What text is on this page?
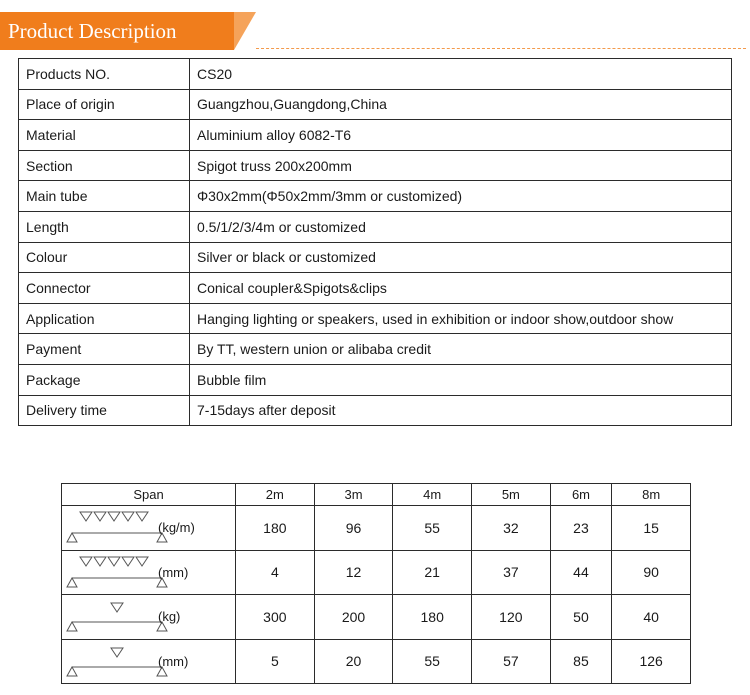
Product Description
Products NO.	CS20
Place of origin	Guangzhou,Guangdong,China
Material	Aluminium alloy 6082-T6
Section	Spigot truss 200x200mm
Main tube	Φ30x2mm(Φ50x2mm/3mm or customized)
Length	0.5/1/2/3/4m or customized
Colour	Silver or black or customized
Connector	Conical coupler&Spigots&clips
Application	Hanging lighting or speakers, used in exhibition or indoor show,outdoor show
Payment	By TT, western union or alibaba credit
Package	Bubble film
Delivery time	7-15days after deposit
Span	2m	3m	4m	5m	6m	8m

(kg/m)	180	96	55	32	23	15

(mm)	4	12	21	37	44	90

(kg)	300	200	180	120	50	40

(mm)	5	20	55	57	85	126
